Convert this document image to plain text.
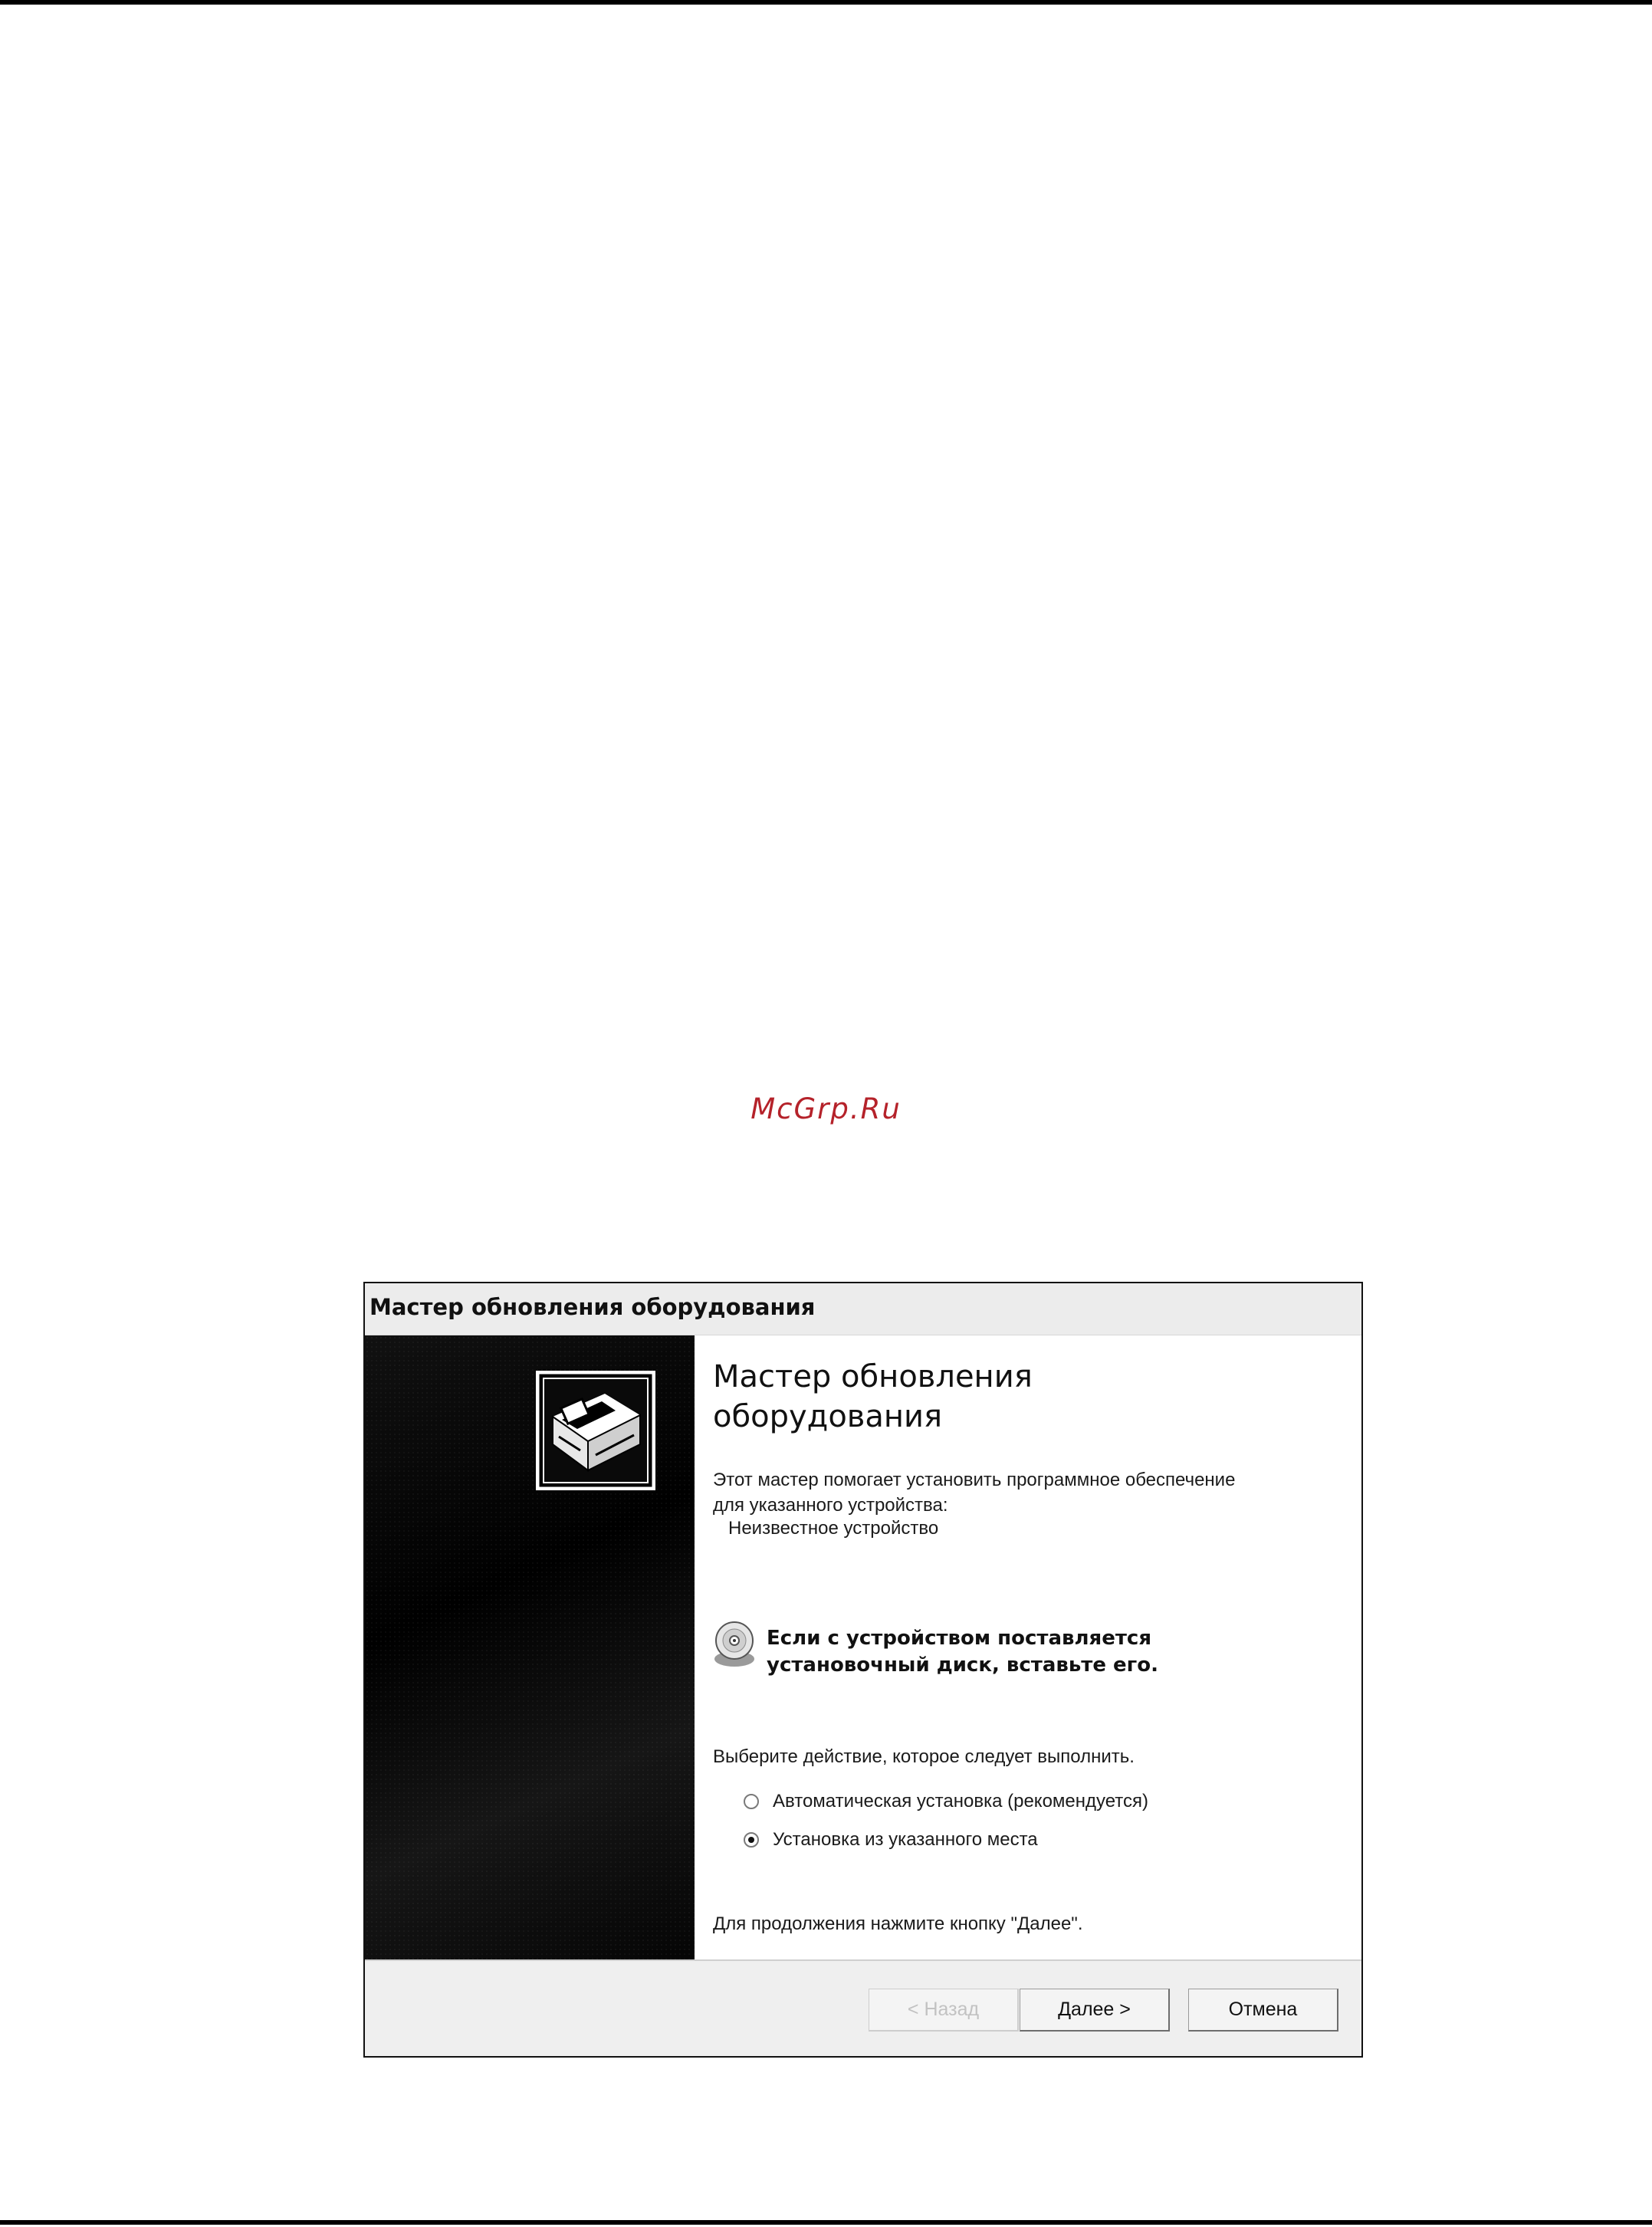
McGrp.Ru
Мастер обновления оборудования
Мастер обновления оборудования
Этот мастер помогает установить программное обеспечение для указанного устройства:
Неизвестное устройство
Если с устройством поставляется установочный диск, вставьте его.
Выберите действие, которое следует выполнить.
Автоматическая установка (рекомендуется)
Установка из указанного места
Для продолжения нажмите кнопку "Далее".
< Назад	Далее >	Отмена
